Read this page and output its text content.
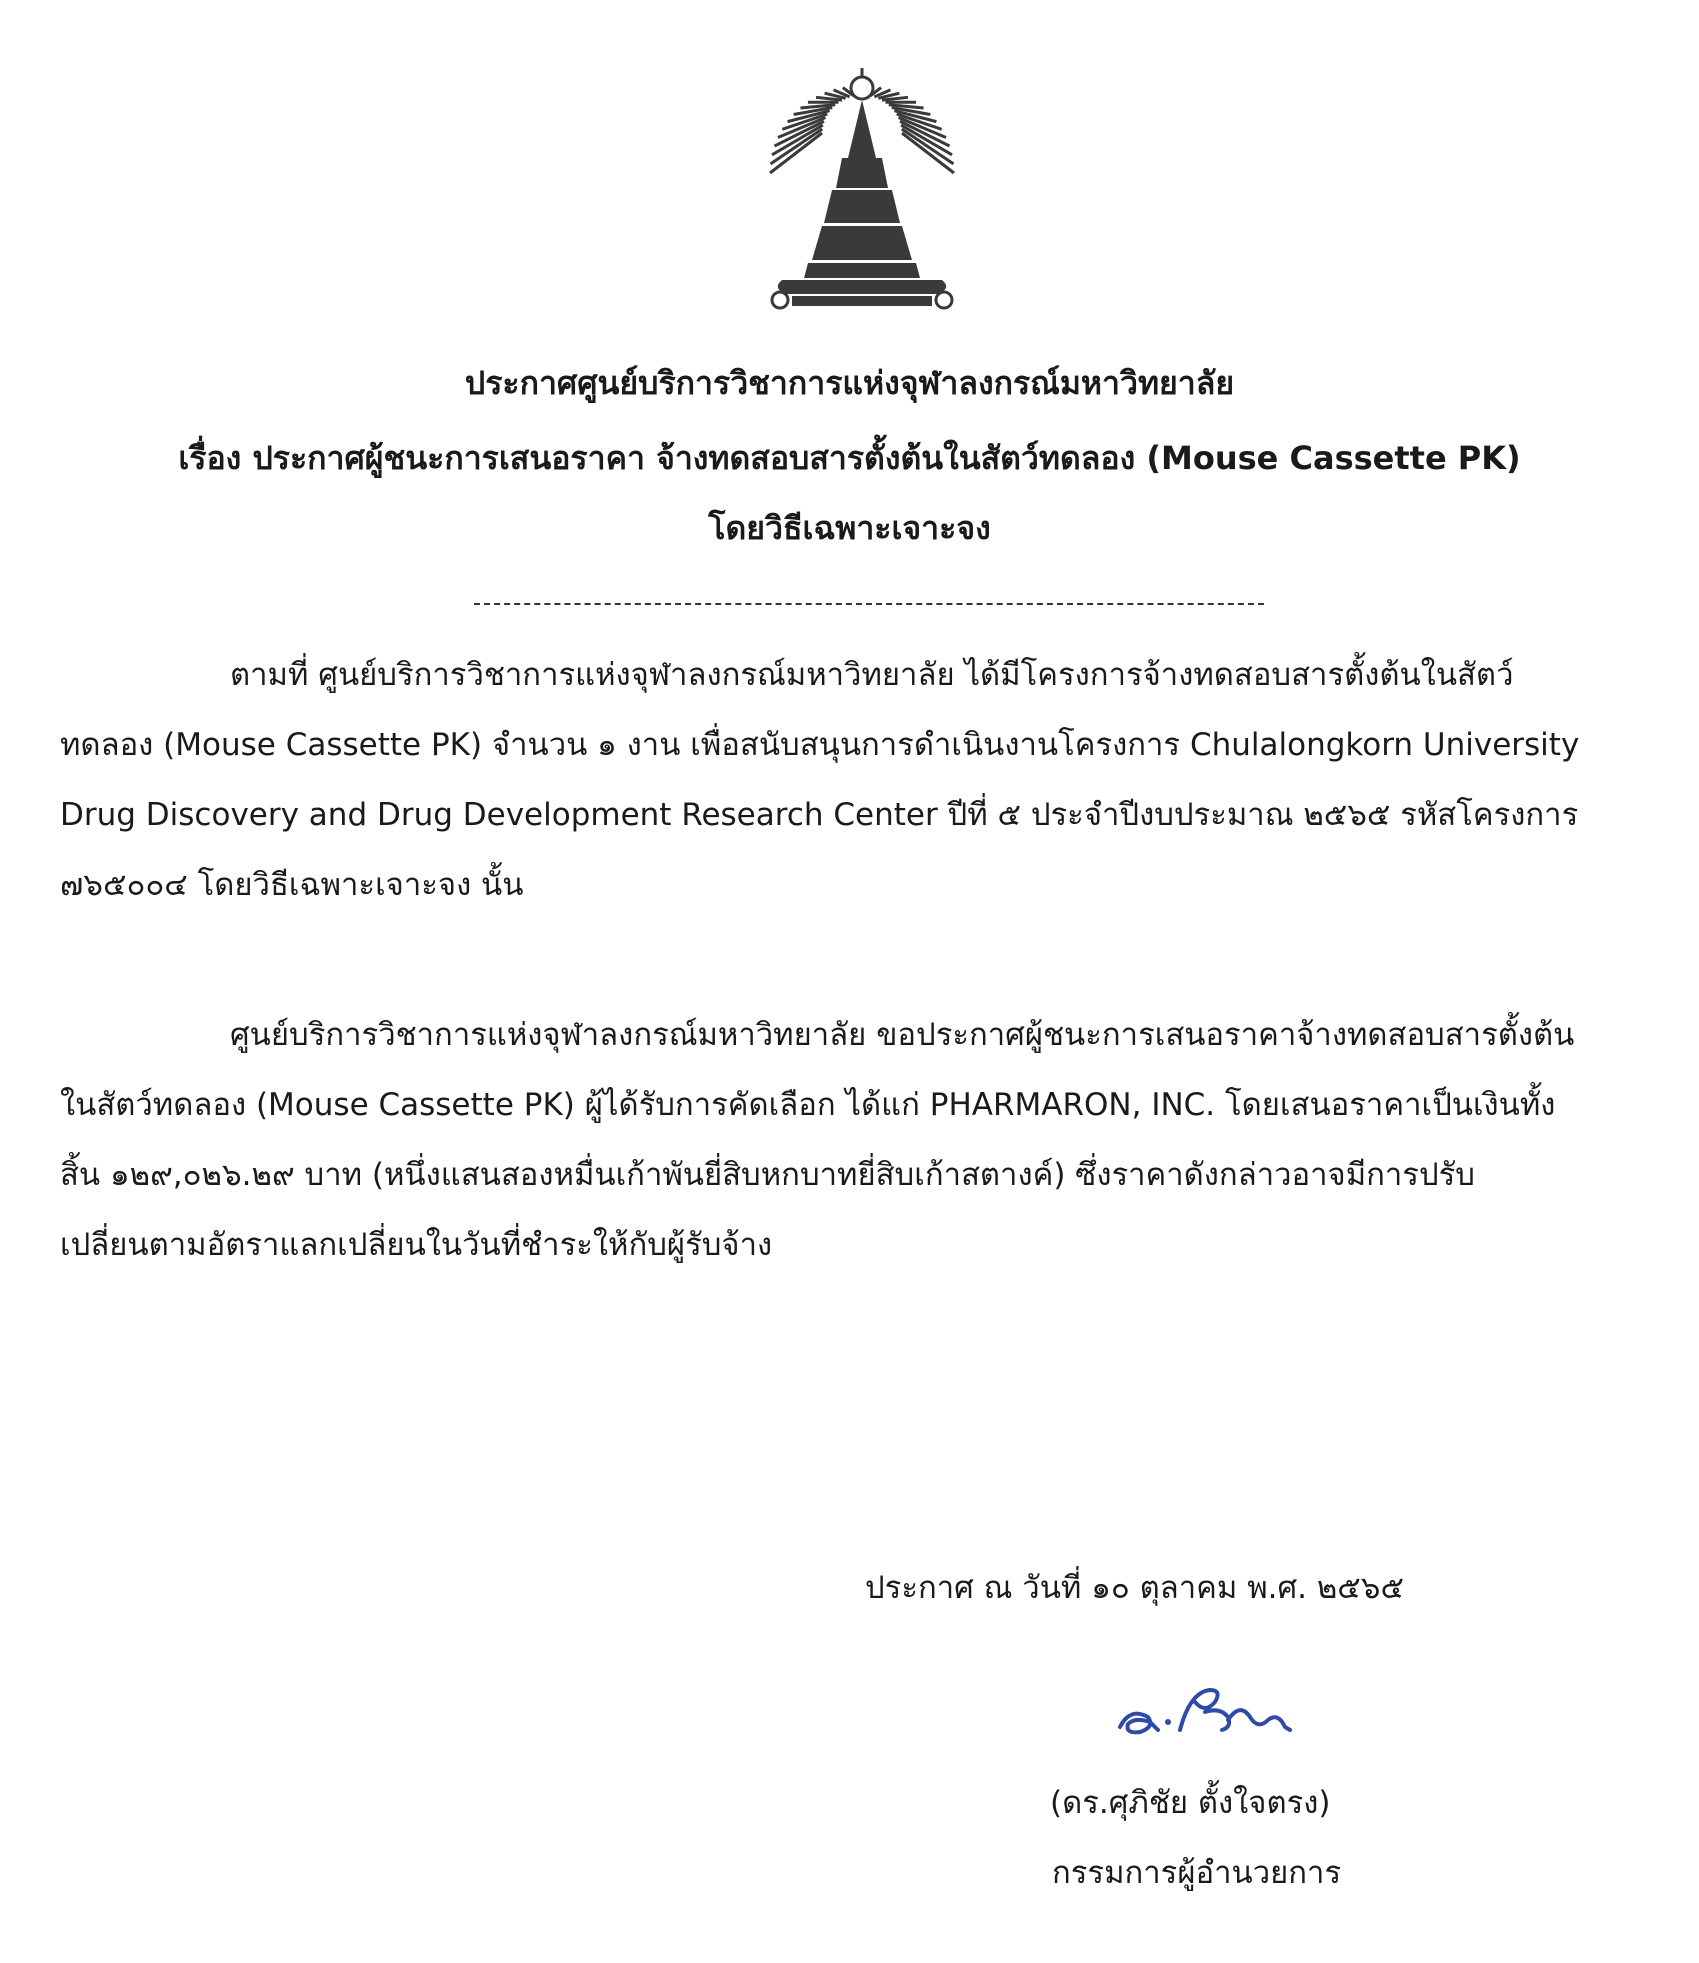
ประกาศศูนย์บริการวิชาการแห่งจุฬาลงกรณ์มหาวิทยาลัย
เรื่อง ประกาศผู้ชนะการเสนอราคา จ้างทดสอบสารตั้งต้นในสัตว์ทดลอง (Mouse Cassette PK)
โดยวิธีเฉพาะเจาะจง
ตามที่ ศูนย์บริการวิชาการแห่งจุฬาลงกรณ์มหาวิทยาลัย ได้มีโครงการจ้างทดสอบสารตั้งต้นในสัตว์
ทดลอง (Mouse Cassette PK) จำนวน ๑ งาน เพื่อสนับสนุนการดำเนินงานโครงการ Chulalongkorn University
Drug Discovery and Drug Development Research Center ปีที่ ๕ ประจำปีงบประมาณ ๒๕๖๕ รหัสโครงการ
๗๖๕๐๐๔ โดยวิธีเฉพาะเจาะจง นั้น
ศูนย์บริการวิชาการแห่งจุฬาลงกรณ์มหาวิทยาลัย ขอประกาศผู้ชนะการเสนอราคาจ้างทดสอบสารตั้งต้น
ในสัตว์ทดลอง (Mouse Cassette PK) ผู้ได้รับการคัดเลือก ได้แก่ PHARMARON, INC. โดยเสนอราคาเป็นเงินทั้ง
สิ้น ๑๒๙,๐๒๖.๒๙ บาท (หนึ่งแสนสองหมื่นเก้าพันยี่สิบหกบาทยี่สิบเก้าสตางค์) ซึ่งราคาดังกล่าวอาจมีการปรับ
เปลี่ยนตามอัตราแลกเปลี่ยนในวันที่ชำระให้กับผู้รับจ้าง
ประกาศ ณ วันที่ ๑๐ ตุลาคม พ.ศ. ๒๕๖๕
(ดร.ศุภิชัย ตั้งใจตรง)
กรรมการผู้อำนวยการ
